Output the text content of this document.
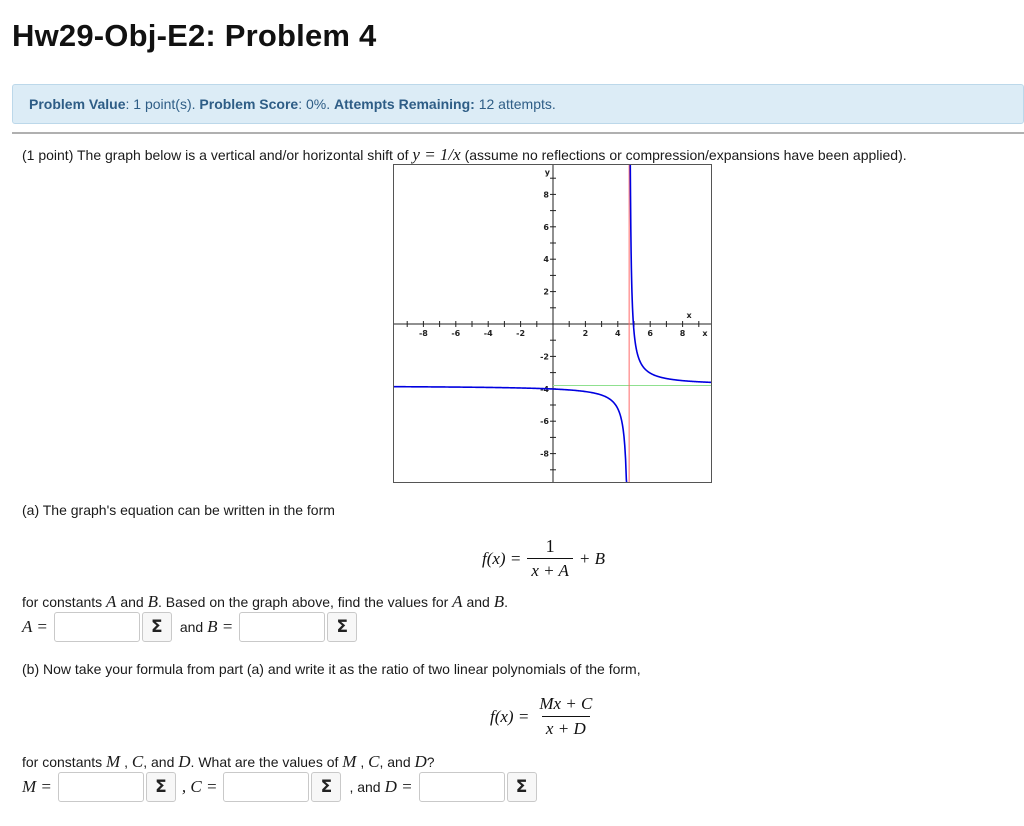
Hw29-Obj-E2: Problem 4
Problem Value: 1 point(s). Problem Score: 0%. Attempts Remaining: 12 attempts.
(1 point) The graph below is a vertical and/or horizontal shift of y = 1/x (assume no reflections or compression/expansions have been applied).
-8	-6	-4	-2	2	4	6	8
8
6
4
2
-2
-4
-6
-8
x
x
y
(a) The graph's equation can be written in the form
$f(x) = \frac{1}{x + A} + B$
for constants A and B. Based on the graph above, find the values for A and B.
A =	Σ	and B =	Σ
(b) Now take your formula from part (a) and write it as the ratio of two linear polynomials of the form,
$f(x) = \frac{Mx + C}{x + D}$
for constants M , C, and D. What are the values of M , C, and D?
M =	Σ , C =	Σ	, and D =	Σ
